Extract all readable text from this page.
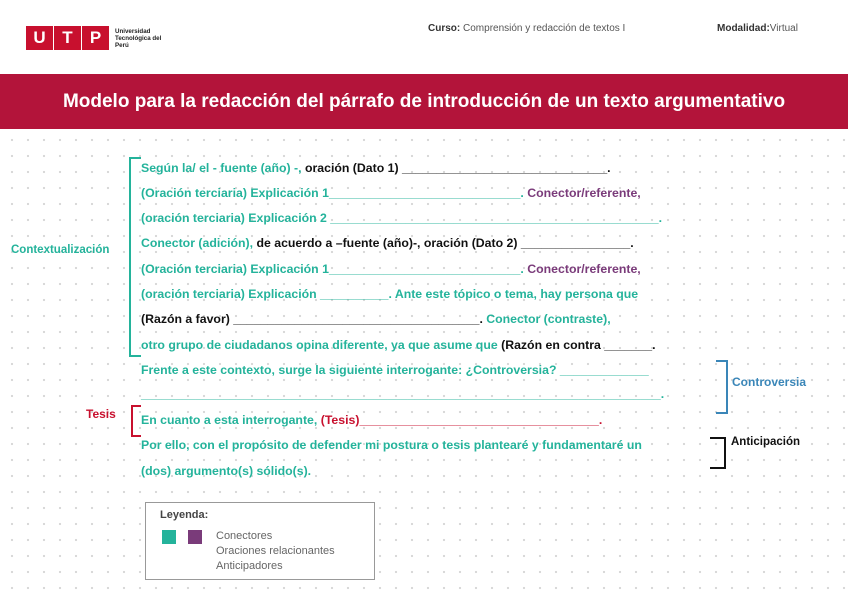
U T	P	Universidad Tecnológica del Perú
Curso: Comprensión y redacción de textos I	Modalidad:Virtual
Modelo para la redacción del párrafo de introducción de un texto argumentativo
Contextualización
Controversia
Tesis
Anticipación
Según la/ el - fuente (año) -, oración (Dato 1) ______________________________.
(Oración terciaria) Explicación 1____________________________. Conector/referente,
(oración terciaria) Explicación 2 ________________________________________________.
Conector (adición), de acuerdo a –fuente (año)-, oración (Dato 2) ________________.
(Oración terciaria) Explicación 1____________________________. Conector/referente,
(oración terciaria) Explicación __________. Ante este tópico o tema, hay persona que
(Razón a favor) ____________________________________. Conector (contraste),
otro grupo de ciudadanos opina diferente, ya que asume que (Razón en contra _______.
Frente a este contexto, surge la siguiente interrogante: ¿Controversia? _____________
____________________________________________________________________________.
En cuanto a esta interrogante, (Tesis)___________________________________.
Por ello, con el propósito de defender mi postura o tesis plantearé y fundamentaré un
(dos) argumento(s) sólido(s).
Leyenda:
Conectores
Oraciones relacionantes
Anticipadores
